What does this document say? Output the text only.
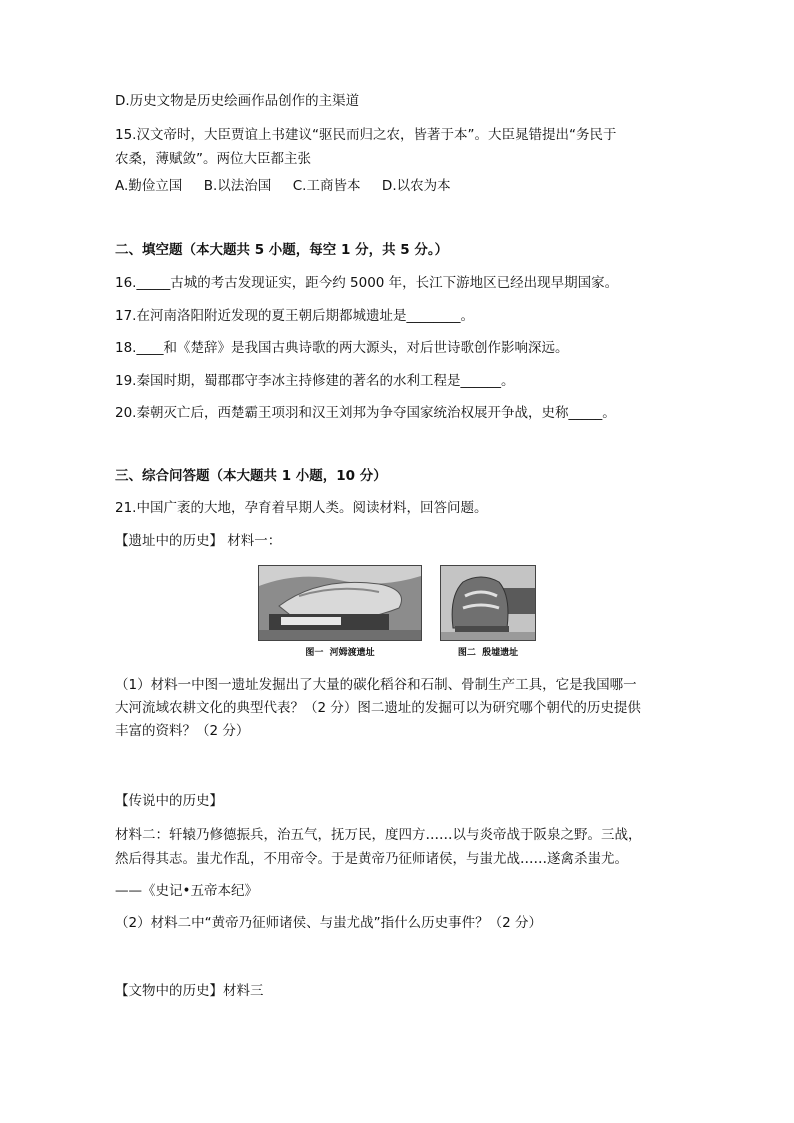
D.历史文物是历史绘画作品创作的主渠道
15.汉文帝时，大臣贾谊上书建议“驱民而归之农，皆著于本”。大臣晁错提出“务民于
农桑，薄赋敛”。两位大臣都主张
A.勤俭立国     B.以法治国     C.工商皆本     D.以农为本
二、填空题（本大题共 5 小题，每空 1 分，共 5 分。）
16._____古城的考古发现证实，距今约 5000 年，长江下游地区已经出现早期国家。
17.在河南洛阳附近发现的夏王朝后期都城遗址是________。
18.____和《楚辞》是我国古典诗歌的两大源头，对后世诗歌创作影响深远。
19.秦国时期，蜀郡郡守李冰主持修建的著名的水利工程是______。
20.秦朝灭亡后，西楚霸王项羽和汉王刘邦为争夺国家统治权展开争战，史称_____。
三、综合问答题（本大题共 1 小题，10 分）
21.中国广袤的大地，孕育着早期人类。阅读材料，回答问题。
【遗址中的历史】 材料一：
图一  河姆渡遗址	图二  殷墟遗址
（1）材料一中图一遗址发掘出了大量的碳化稻谷和石制、骨制生产工具，它是我国哪一
大河流域农耕文化的典型代表？（2 分）图二遗址的发掘可以为研究哪个朝代的历史提供
丰富的资料？（2 分）
【传说中的历史】
材料二：轩辕乃修德振兵，治五气，抚万民，度四方……以与炎帝战于阪泉之野。三战，
然后得其志。蚩尤作乱，不用帝令。于是黄帝乃征师诸侯，与蚩尤战……遂禽杀蚩尤。
——《史记•五帝本纪》
（2）材料二中“黄帝乃征师诸侯、与蚩尤战”指什么历史事件？（2 分）
【文物中的历史】材料三
